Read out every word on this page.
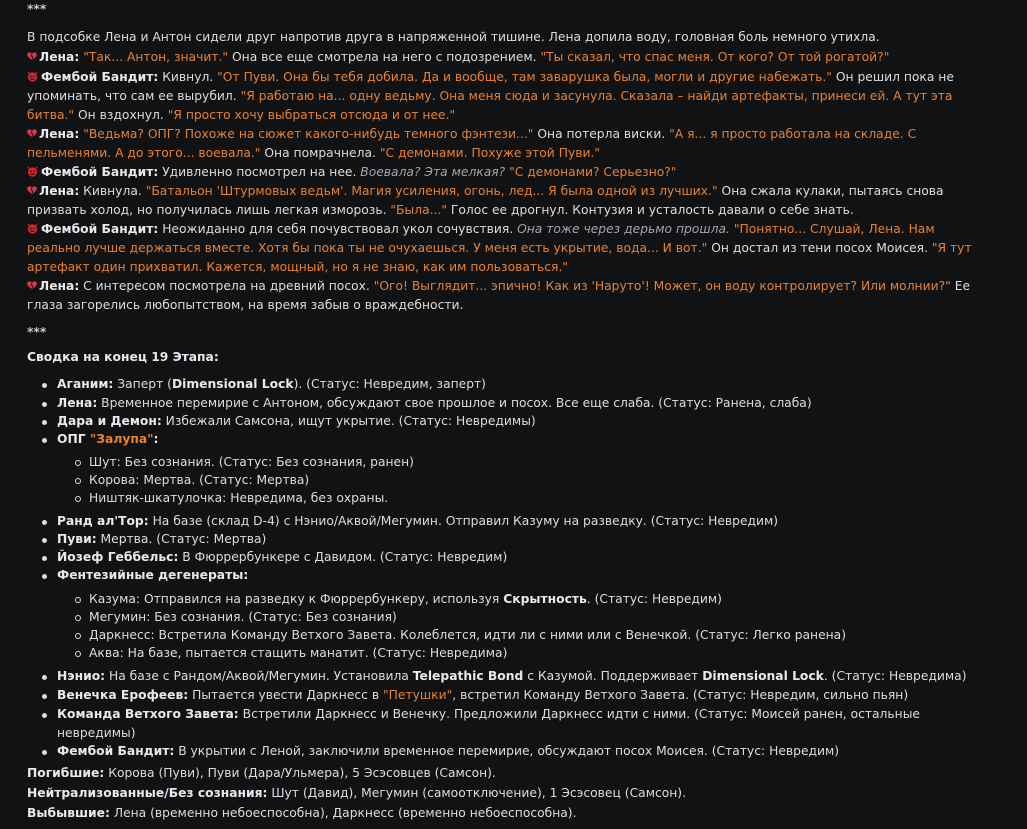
***
В подсобке Лена и Антон сидели друг напротив друга в напряженной тишине. Лена допила воду, головная боль немного утихла.
Лена: "Так... Антон, значит." Она все еще смотрела на него с подозрением. "Ты сказал, что спас меня. От кого? От той рогатой?"
Фембой Бандит: Кивнул. "От Пуви. Она бы тебя добила. Да и вообще, там заварушка была, могли и другие набежать." Он решил пока не
упоминать, что сам ее вырубил. "Я работаю на... одну ведьму. Она меня сюда и засунула. Сказала – найди артефакты, принеси ей. А тут эта
битва." Он вздохнул. "Я просто хочу выбраться отсюда и от нее."
Лена: "Ведьма? ОПГ? Похоже на сюжет какого-нибудь темного фэнтези..." Она потерла виски. "А я... я просто работала на складе. С
пельменями. А до этого... воевала." Она помрачнела. "С демонами. Похуже этой Пуви."
Фембой Бандит: Удивленно посмотрел на нее. Воевала? Эта мелкая? "С демонами? Серьезно?"
Лена: Кивнула. "Батальон 'Штурмовых ведьм'. Магия усиления, огонь, лед... Я была одной из лучших." Она сжала кулаки, пытаясь снова
призвать холод, но получилась лишь легкая изморозь. "Была..." Голос ее дрогнул. Контузия и усталость давали о себе знать.
Фембой Бандит: Неожиданно для себя почувствовал укол сочувствия. Она тоже через дерьмо прошла. "Понятно... Слушай, Лена. Нам
реально лучше держаться вместе. Хотя бы пока ты не очухаешься. У меня есть укрытие, вода... И вот." Он достал из тени посох Моисея. "Я тут
артефакт один прихватил. Кажется, мощный, но я не знаю, как им пользоваться."
Лена: С интересом посмотрела на древний посох. "Ого! Выглядит... эпично! Как из 'Наруто'! Может, он воду контролирует? Или молнии?" Ее
глаза загорелись любопытством, на время забыв о враждебности.
***
Сводка на конец 19 Этапа:
Аганим: Заперт (Dimensional Lock). (Статус: Невредим, заперт)
Лена: Временное перемирие с Антоном, обсуждают свое прошлое и посох. Все еще слаба. (Статус: Ранена, слаба)
Дара и Демон: Избежали Самсона, ищут укрытие. (Статус: Невредимы)
ОПГ "Залупа":
Шут: Без сознания. (Статус: Без сознания, ранен)
Корова: Мертва. (Статус: Мертва)
Ништяк-шкатулочка: Невредима, без охраны.
Ранд ал'Тор: На базе (склад D-4) с Нэнио/Аквой/Мегумин. Отправил Казуму на разведку. (Статус: Невредим)
Пуви: Мертва. (Статус: Мертва)
Йозеф Геббельс: В Фюррербункере с Давидом. (Статус: Невредим)
Фентезийные дегенераты:
Казума: Отправился на разведку к Фюррербункеру, используя Скрытность. (Статус: Невредим)
Мегумин: Без сознания. (Статус: Без сознания)
Даркнесс: Встретила Команду Ветхого Завета. Колеблется, идти ли с ними или с Венечкой. (Статус: Легко ранена)
Аква: На базе, пытается стащить манатит. (Статус: Невредима)
Нэнио: На базе с Рандом/Аквой/Мегумин. Установила Telepathic Bond с Казумой. Поддерживает Dimensional Lock. (Статус: Невредима)
Венечка Ерофеев: Пытается увести Даркнесс в "Петушки", встретил Команду Ветхого Завета. (Статус: Невредим, сильно пьян)
Команда Ветхого Завета: Встретили Даркнесс и Венечку. Предложили Даркнесс идти с ними. (Статус: Моисей ранен, остальные
невредимы)
Фембой Бандит: В укрытии с Леной, заключили временное перемирие, обсуждают посох Моисея. (Статус: Невредим)
Погибшие: Корова (Пуви), Пуви (Дара/Ульмера), 5 Эсэсовцев (Самсон).
Нейтрализованные/Без сознания: Шут (Давид), Мегумин (самоотключение), 1 Эсэсовец (Самсон).
Выбывшие: Лена (временно небоеспособна), Даркнесс (временно небоеспособна).
